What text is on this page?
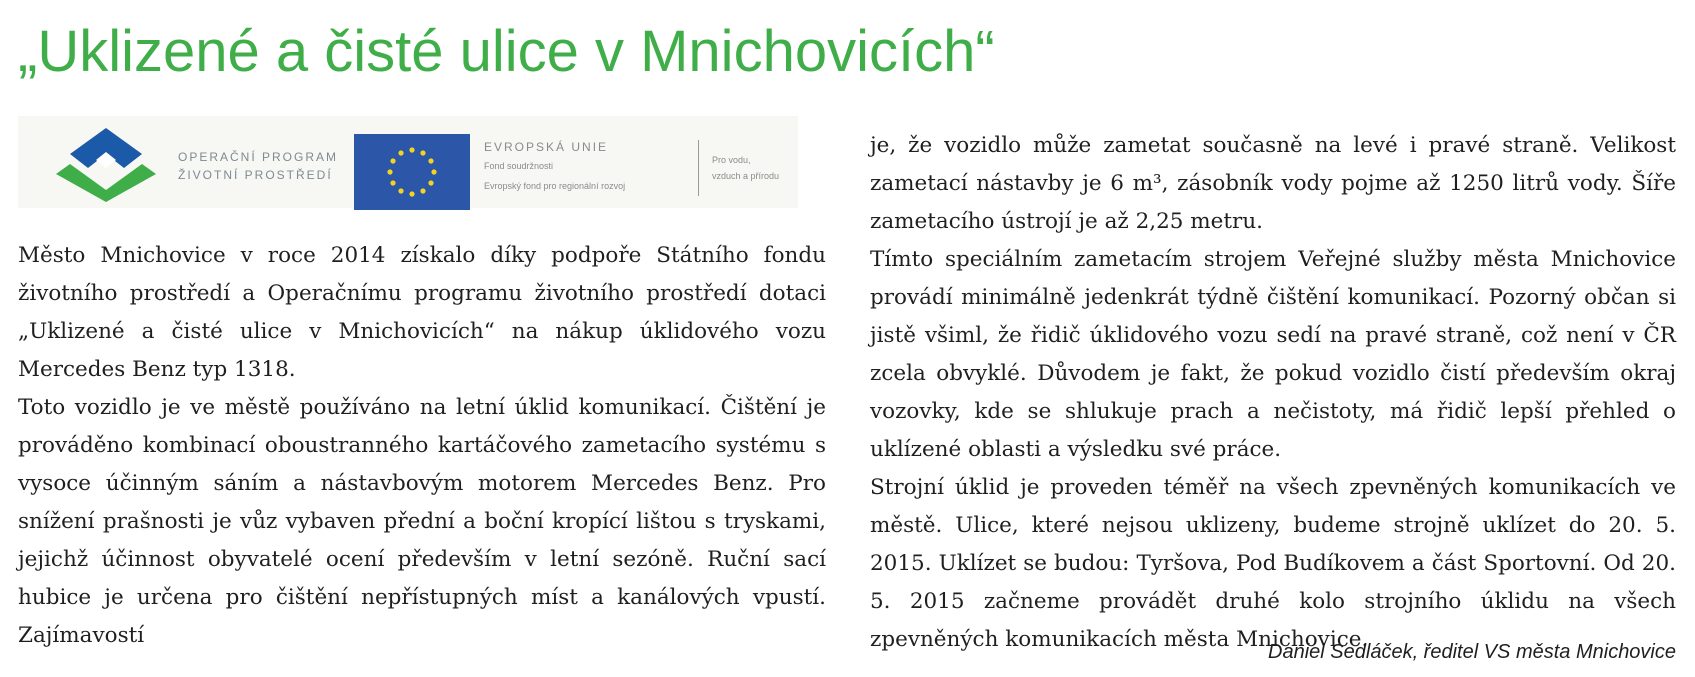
„Uklizené a čisté ulice v Mnichovicích“
OPERAČNÍ PROGRAM
ŽIVOTNÍ PROSTŘEDÍ
EVROPSKÁ UNIE
Fond soudržnosti
Evropský fond pro regionální rozvoj
Pro vodu,
vzduch a přírodu

Město Mnichovice v roce 2014 získalo díky podpoře Státního fondu životního prostředí a Operačnímu programu životního prostředí dotaci „Uklizené a čisté ulice v Mnichovicích“ na nákup úklidového vozu Mercedes Benz typ 1318.

Toto vozidlo je ve městě používáno na letní úklid komunikací. Čištění je prováděno kombinací oboustranného kartáčového zametacího systému s vysoce účinným sáním a nástavbovým motorem Mercedes Benz. Pro snížení prašnosti je vůz vybaven přední a boční kropící lištou s tryskami, jejichž účinnost obyvatelé ocení především v letní sezóně. Ruční sací hubice je určena pro čištění nepřístupných míst a kanálových vpustí. Zajímavostí

je, že vozidlo může zametat současně na levé i pravé straně. Velikost zametací nástavby je 6 m³, zásobník vody pojme až 1250 litrů vody. Šíře zametacího ústrojí je až 2,25 metru.

Tímto speciálním zametacím strojem Veřejné služby města Mnichovice provádí minimálně jedenkrát týdně čištění komunikací. Pozorný občan si jistě všiml, že řidič úklidového vozu sedí na pravé straně, což není v ČR zcela obvyklé. Důvodem je fakt, že pokud vozidlo čistí především okraj vozovky, kde se shlukuje prach a nečistoty, má řidič lepší přehled o uklízené oblasti a výsledku své práce.

Strojní úklid je proveden téměř na všech zpevněných komunikacích ve městě. Ulice, které nejsou uklizeny, budeme strojně uklízet do 20. 5. 2015. Uklízet se budou: Tyršova, Pod Budíkovem a část Sportovní. Od 20. 5. 2015 začneme provádět druhé kolo strojního úklidu na všech zpevněných komunikacích města Mnichovice.

Daniel Sedláček, ředitel VS města Mnichovice
